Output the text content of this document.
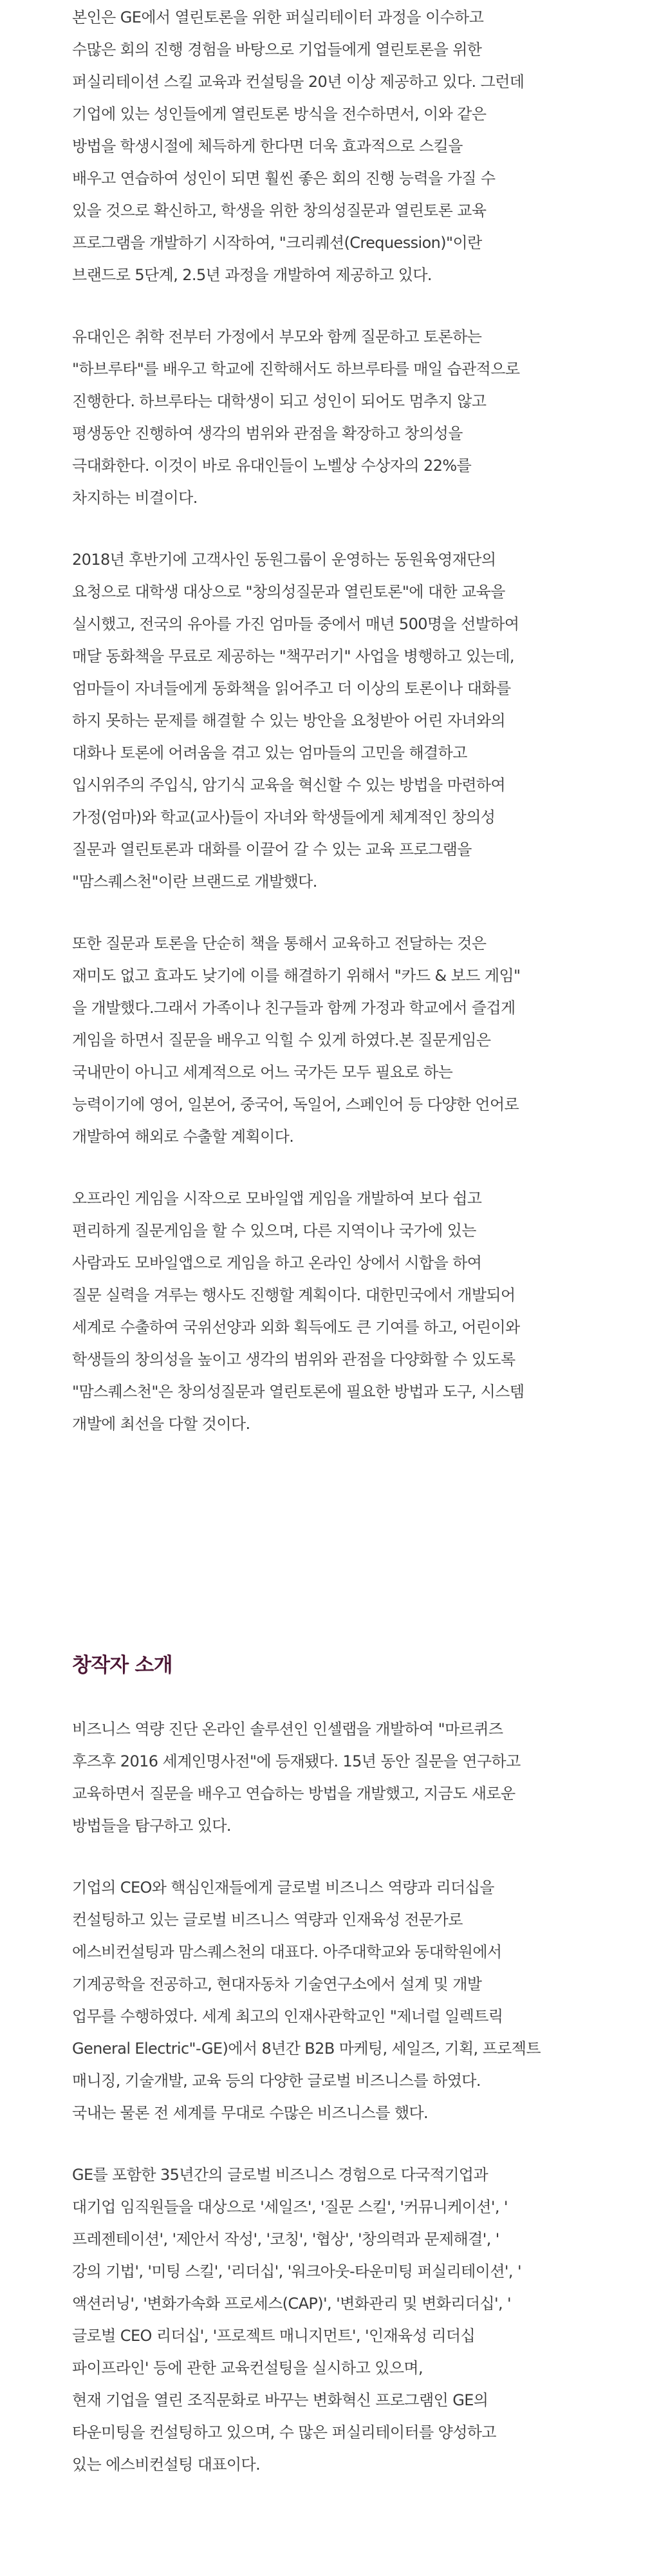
본인은 GE에서 열린토론을 위한 퍼실리테이터 과정을 이수하고
수많은 회의 진행 경험을 바탕으로 기업들에게 열린토론을 위한
퍼실리테이션 스킬 교육과 컨설팅을 20년 이상 제공하고 있다. 그런데
기업에 있는 성인들에게 열린토론 방식을 전수하면서, 이와 같은
방법을 학생시절에 체득하게 한다면 더욱 효과적으로 스킬을
배우고 연습하여 성인이 되면 훨씬 좋은 회의 진행 능력을 가질 수
있을 것으로 확신하고, 학생을 위한 창의성질문과 열린토론 교육
프로그램을 개발하기 시작하여, "크리퀘션(Crequession)"이란
브랜드로 5단계, 2.5년 과정을 개발하여 제공하고 있다.

유대인은 취학 전부터 가정에서 부모와 함께 질문하고 토론하는
"하브루타"를 배우고 학교에 진학해서도 하브루타를 매일 습관적으로
진행한다. 하브루타는 대학생이 되고 성인이 되어도 멈추지 않고
평생동안 진행하여 생각의 범위와 관점을 확장하고 창의성을
극대화한다. 이것이 바로 유대인들이 노벨상 수상자의 22%를
차지하는 비결이다.

2018년 후반기에 고객사인 동원그룹이 운영하는 동원육영재단의
요청으로 대학생 대상으로 "창의성질문과 열린토론"에 대한 교육을
실시했고, 전국의 유아를 가진 엄마들 중에서 매년 500명을 선발하여
매달 동화책을 무료로 제공하는 "책꾸러기" 사업을 병행하고 있는데,
엄마들이 자녀들에게 동화책을 읽어주고 더 이상의 토론이나 대화를
하지 못하는 문제를 해결할 수 있는 방안을 요청받아 어린 자녀와의
대화나 토론에 어려움을 겪고 있는 엄마들의 고민을 해결하고
입시위주의 주입식, 암기식 교육을 혁신할 수 있는 방법을 마련하여
가정(엄마)와 학교(교사)들이 자녀와 학생들에게 체계적인 창의성
질문과 열린토론과 대화를 이끌어 갈 수 있는 교육 프로그램을
"맘스퀘스천"이란 브랜드로 개발했다.

또한 질문과 토론을 단순히 책을 통해서 교육하고 전달하는 것은
재미도 없고 효과도 낮기에 이를 해결하기 위해서 "카드 & 보드 게임"
을 개발했다.그래서 가족이나 친구들과 함께 가정과 학교에서 즐겁게
게임을 하면서 질문을 배우고 익힐 수 있게 하였다.본 질문게임은
국내만이 아니고 세계적으로 어느 국가든 모두 필요로 하는
능력이기에 영어, 일본어, 중국어, 독일어, 스페인어 등 다양한 언어로
개발하여 해외로 수출할 계획이다.

오프라인 게임을 시작으로 모바일앱 게임을 개발하여 보다 쉽고
편리하게 질문게임을 할 수 있으며, 다른 지역이나 국가에 있는
사람과도 모바일앱으로 게임을 하고 온라인 상에서 시합을 하여
질문 실력을 겨루는 행사도 진행할 계획이다. 대한민국에서 개발되어
세계로 수출하여 국위선양과 외화 획득에도 큰 기여를 하고, 어린이와
학생들의 창의성을 높이고 생각의 범위와 관점을 다양화할 수 있도록
"맘스퀘스천"은 창의성질문과 열린토론에 필요한 방법과 도구, 시스템
개발에 최선을 다할 것이다.

창작자 소개

비즈니스 역량 진단 온라인 솔루션인 인셀랩을 개발하여 "마르퀴즈
후즈후 2016 세계인명사전"에 등재됐다. 15년 동안 질문을 연구하고
교육하면서 질문을 배우고 연습하는 방법을 개발했고, 지금도 새로운
방법들을 탐구하고 있다.

기업의 CEO와 핵심인재들에게 글로벌 비즈니스 역량과 리더십을
컨설팅하고 있는 글로벌 비즈니스 역량과 인재육성 전문가로
에스비컨설팅과 맘스퀘스천의 대표다. 아주대학교와 동대학원에서
기계공학을 전공하고, 현대자동차 기술연구소에서 설계 및 개발
업무를 수행하였다. 세계 최고의 인재사관학교인 "제너럴 일렉트릭
General Electric"-GE)에서 8년간 B2B 마케팅, 세일즈, 기획, 프로젝트
매니징, 기술개발, 교육 등의 다양한 글로벌 비즈니스를 하였다.
국내는 물론 전 세계를 무대로 수많은 비즈니스를 했다.

GE를 포함한 35년간의 글로벌 비즈니스 경험으로 다국적기업과
대기업 임직원들을 대상으로 '세일즈', '질문 스킬', '커뮤니케이션', '
프레젠테이션', '제안서 작성', '코칭', '협상', '창의력과 문제해결', '
강의 기법', '미팅 스킬', '리더십', '워크아웃-타운미팅 퍼실리테이션', '
액션러닝', '변화가속화 프로세스(CAP)', '변화관리 및 변화리더십', '
글로벌 CEO 리더십', '프로젝트 매니지먼트', '인재육성 리더십
파이프라인' 등에 관한 교육컨설팅을 실시하고 있으며,
현재 기업을 열린 조직문화로 바꾸는 변화혁신 프로그램인 GE의
타운미팅을 컨설팅하고 있으며, 수 많은 퍼실리테이터를 양성하고
있는 에스비컨설팅 대표이다.
